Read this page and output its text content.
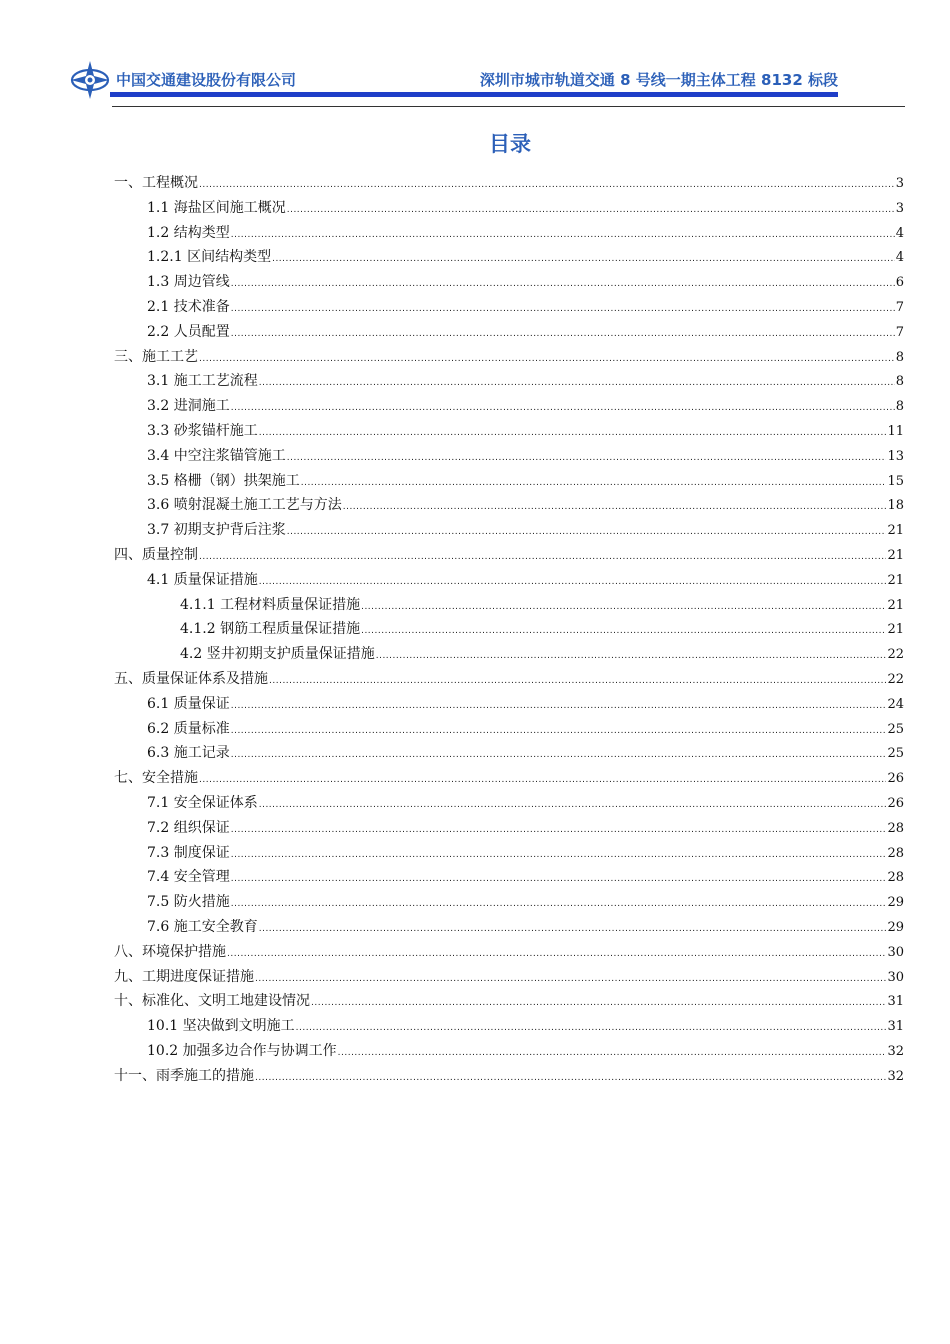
中国交通建设股份有限公司	深圳市城市轨道交通 8 号线一期主体工程 8132 标段
目录
一、工程概况 .....	3
1.1 海盐区间施工概况 .....	3
1.2 结构类型 .....	4
1.2.1 区间结构类型 .....	4
1.3 周边管线 .....	6
2.1 技术准备 .....	7
2.2 人员配置 .....	7
三、施工工艺 .....	8
3.1 施工工艺流程 .....	8
3.2 进洞施工 .....	8
3.3 砂浆锚杆施工 .....	11
3.4 中空注浆锚管施工 .....	13
3.5 格栅（钢）拱架施工 .....	15
3.6 喷射混凝土施工工艺与方法 .....	18
3.7 初期支护背后注浆 .....	21
四、质量控制 .....	21
4.1 质量保证措施 .....	21
4.1.1 工程材料质量保证措施 .....	21
4.1.2 钢筋工程质量保证措施 .....	21
4.2 竖井初期支护质量保证措施 .....	22
五、质量保证体系及措施 .....	22
6.1 质量保证 .....	24
6.2 质量标准 .....	25
6.3 施工记录 .....	25
七、安全措施 .....	26
7.1 安全保证体系 .....	26
7.2 组织保证 .....	28
7.3 制度保证 .....	28
7.4 安全管理 .....	28
7.5 防火措施 .....	29
7.6 施工安全教育 .....	29
八、环境保护措施 .....	30
九、工期进度保证措施 .....	30
十、标准化、文明工地建设情况 .....	31
10.1 坚决做到文明施工 .....	31
10.2 加强多边合作与协调工作 .....	32
十一、雨季施工的措施 .....	32
